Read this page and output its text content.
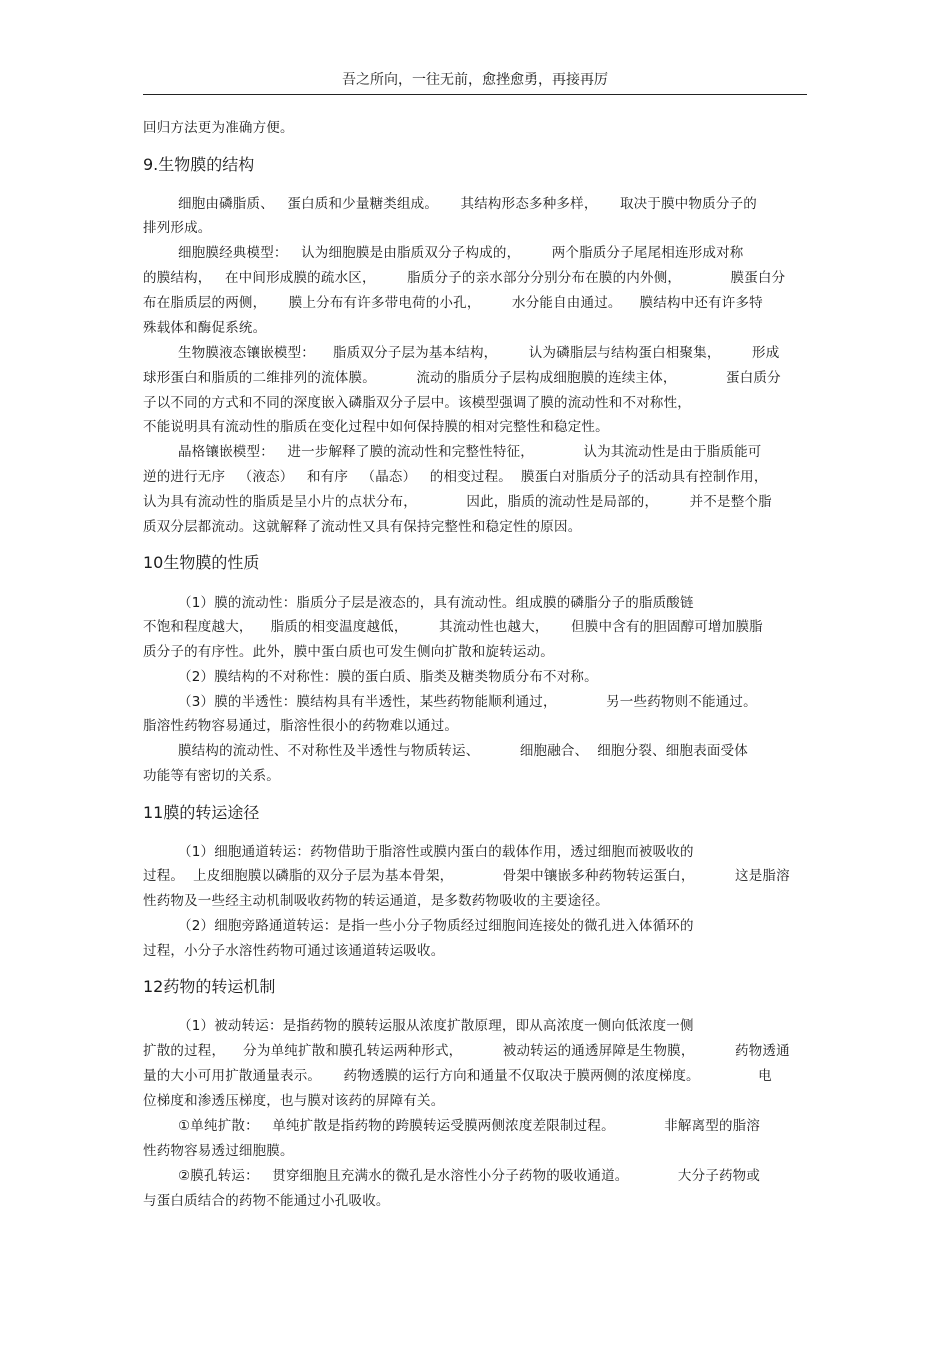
吾之所向，一往无前，愈挫愈勇，再接再厉
回归方法更为准确方便。
9.生物膜的结构
细胞由磷脂质、   蛋白质和少量糖类组成。     其结构形态多种多样，     取决于膜中物质分子的
排列形成。
细胞膜经典模型：   认为细胞膜是由脂质双分子构成的，       两个脂质分子尾尾相连形成对称
的膜结构，   在中间形成膜的疏水区，       脂质分子的亲水部分分别分布在膜的内外侧，           膜蛋白分
布在脂质层的两侧，     膜上分布有许多带电荷的小孔，       水分能自由通过。    膜结构中还有许多特
殊载体和酶促系统。
生物膜液态镶嵌模型：    脂质双分子层为基本结构，       认为磷脂层与结构蛋白相聚集，       形成
球形蛋白和脂质的二维排列的流体膜。         流动的脂质分子层构成细胞膜的连续主体，           蛋白质分
子以不同的方式和不同的深度嵌入磷脂双分子层中。该模型强调了膜的流动性和不对称性，
不能说明具有流动性的脂质在变化过程中如何保持膜的相对完整性和稳定性。
晶格镶嵌模型：   进一步解释了膜的流动性和完整性特征，           认为其流动性是由于脂质能可
逆的进行无序   （液态）   和有序   （晶态）   的相变过程。  膜蛋白对脂质分子的活动具有控制作用，
认为具有流动性的脂质是呈小片的点状分布，           因此，脂质的流动性是局部的，       并不是整个脂
质双分层都流动。这就解释了流动性又具有保持完整性和稳定性的原因。
10生物膜的性质
（1）膜的流动性：脂质分子层是液态的，具有流动性。组成膜的磷脂分子的脂质酸链
不饱和程度越大，    脂质的相变温度越低，       其流动性也越大，     但膜中含有的胆固醇可增加膜脂
质分子的有序性。此外，膜中蛋白质也可发生侧向扩散和旋转运动。
（2）膜结构的不对称性：膜的蛋白质、脂类及糖类物质分布不对称。
（3）膜的半透性：膜结构具有半透性，某些药物能顺利通过，           另一些药物则不能通过。
脂溶性药物容易通过，脂溶性很小的药物难以通过。
膜结构的流动性、不对称性及半透性与物质转运、         细胞融合、  细胞分裂、细胞表面受体
功能等有密切的关系。
11膜的转运途径
（1）细胞通道转运：药物借助于脂溶性或膜内蛋白的载体作用，透过细胞而被吸收的
过程。  上皮细胞膜以磷脂的双分子层为基本骨架，           骨架中镶嵌多种药物转运蛋白，         这是脂溶
性药物及一些经主动机制吸收药物的转运通道，是多数药物吸收的主要途径。
（2）细胞旁路通道转运：是指一些小分子物质经过细胞间连接处的微孔进入体循环的
过程，小分子水溶性药物可通过该通道转运吸收。
12药物的转运机制
（1）被动转运：是指药物的膜转运服从浓度扩散原理，即从高浓度一侧向低浓度一侧
扩散的过程，    分为单纯扩散和膜孔转运两种形式，         被动转运的通透屏障是生物膜，         药物透通
量的大小可用扩散通量表示。     药物透膜的运行方向和通量不仅取决于膜两侧的浓度梯度。             电
位梯度和渗透压梯度，也与膜对该药的屏障有关。
①单纯扩散：   单纯扩散是指药物的跨膜转运受膜两侧浓度差限制过程。           非解离型的脂溶
性药物容易透过细胞膜。
②膜孔转运：   贯穿细胞且充满水的微孔是水溶性小分子药物的吸收通道。           大分子药物或
与蛋白质结合的药物不能通过小孔吸收。
